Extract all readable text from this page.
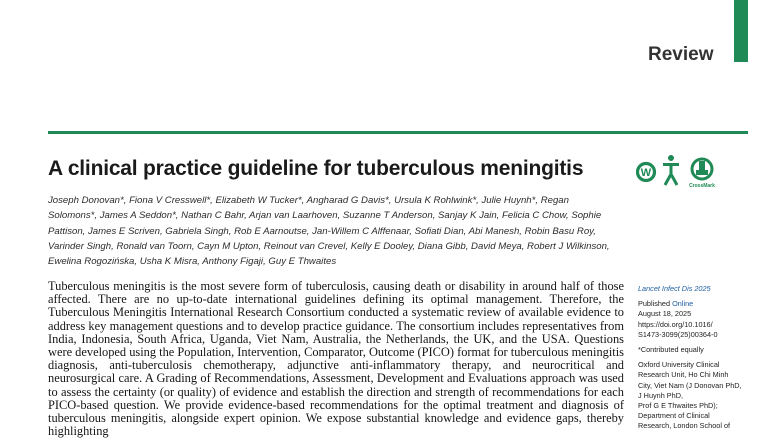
Review
A clinical practice guideline for tuberculous meningitis	W
CrossMark

Joseph Donovan*, Fiona V Cresswell*, Elizabeth W Tucker*, Angharad G Davis*, Ursula K Rohlwink*, Julie Huynh*, Regan Solomons*, James A Seddon*, Nathan C Bahr, Arjan van Laarhoven, Suzanne T Anderson, Sanjay K Jain, Felicia C Chow, Sophie Pattison, James E Scriven, Gabriela Singh, Rob E Aarnoutse, Jan-Willem C Alffenaar, Sofiati Dian, Abi Manesh, Robin Basu Roy, Varinder Singh, Ronald van Toorn, Cayn M Upton, Reinout van Crevel, Kelly E Dooley, Diana Gibb, David Meya, Robert J Wilkinson, Ewelina Rogozińska, Usha K Misra, Anthony Figaji, Guy E Thwaites

Tuberculous meningitis is the most severe form of tuberculosis, causing death or disability in around half of those affected. There are no up-to-date international guidelines defining its optimal management. Therefore, the Tuberculous Meningitis International Research Consortium conducted a systematic review of available evidence to address key management questions and to develop practice guidance. The consortium includes representatives from India, Indonesia, South Africa, Uganda, Viet Nam, Australia, the Netherlands, the UK, and the USA. Questions were developed using the Population, Intervention, Comparator, Outcome (PICO) format for tuberculous meningitis diagnosis, anti-tuberculosis chemotherapy, adjunctive anti-inflammatory therapy, and neurocritical and neurosurgical care. A Grading of Recommendations, Assessment, Development and Evaluations approach was used to assess the certainty (or quality) of evidence and establish the direction and strength of recommendations for each PICO-based question. We provide evidence-based recommendations for the optimal treatment and diagnosis of tuberculous meningitis, alongside expert opinion. We expose substantial knowledge and evidence gaps, thereby highlighting

Lancet Infect Dis 2025

Published Online
August 18, 2025
https://doi.org/10.1016/
S1473-3099(25)00364-0

*Contributed equally

Oxford University Clinical
Research Unit, Ho Chi Minh
City, Viet Nam (J Donovan PhD,
J Huynh PhD,
Prof G E Thwaites PhD);
Department of Clinical
Research, London School of
